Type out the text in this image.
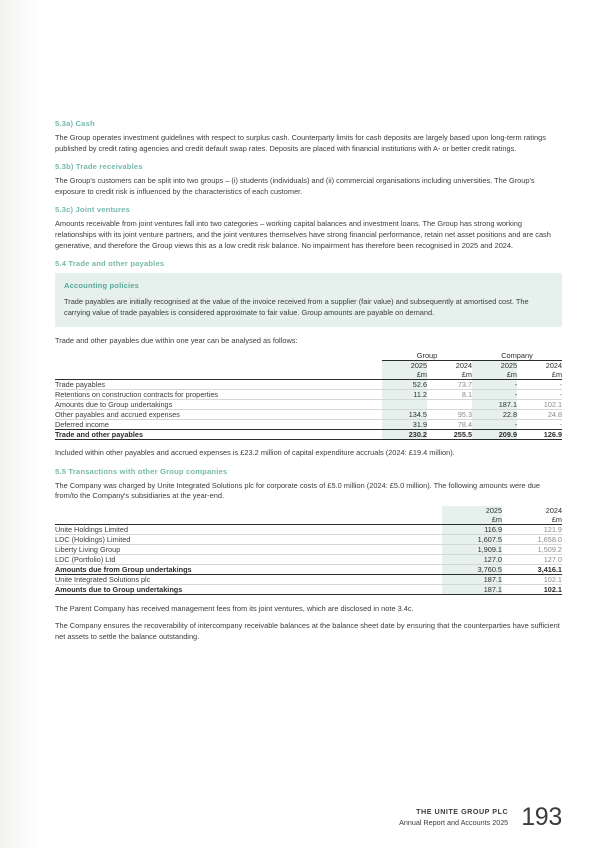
5.3a) Cash

The Group operates investment guidelines with respect to surplus cash. Counterparty limits for cash deposits are largely based upon long-term ratings published by credit rating agencies and credit default swap rates. Deposits are placed with financial institutions with A- or better credit ratings.

5.3b) Trade receivables

The Group's customers can be split into two groups – (i) students (individuals) and (ii) commercial organisations including universities. The Group's exposure to credit risk is influenced by the characteristics of each customer.

5.3c) Joint ventures

Amounts receivable from joint ventures fall into two categories – working capital balances and investment loans. The Group has strong working relationships with its joint venture partners, and the joint ventures themselves have strong financial performance, retain net asset positions and are cash generative, and therefore the Group views this as a low credit risk balance. No impairment has therefore been recognised in 2025 and 2024.

5.4 Trade and other payables
Accounting policies

Trade payables are initially recognised at the value of the invoice received from a supplier (fair value) and subsequently at amortised cost. The carrying value of trade payables is considered approximate to fair value. Group amounts are payable on demand.

Trade and other payables due within one year can be analysed as follows:

	Group		Company	
	2025	2024	2025	2024
	£m	£m	£m	£m
Trade payables	52.6	73.7	-	-
Retentions on construction contracts for properties	11.2	8.1	-	-
Amounts due to Group undertakings			187.1	102.1
Other payables and accrued expenses	134.5	95.3	22.8	24.8
Deferred income	31.9	78.4	-	-
Trade and other payables	230.2	255.5	209.9	126.9

Included within other payables and accrued expenses is £23.2 million of capital expenditure accruals (2024: £19.4 million).

5.5 Transactions with other Group companies

The Company was charged by Unite Integrated Solutions plc for corporate costs of £5.0 million (2024: £5.0 million). The following amounts were due from/to the Company's subsidiaries at the year-end.

	2025	2024
	£m	£m
Unite Holdings Limited	116.9	121.9
LDC (Holdings) Limited	1,607.5	1,658.0
Liberty Living Group	1,909.1	1,509.2
LDC (Portfolio) Ltd	127.0	127.0
Amounts due from Group undertakings	3,760.5	3,416.1
Unite Integrated Solutions plc	187.1	102.1
Amounts due to Group undertakings	187.1	102.1

The Parent Company has received management fees from its joint ventures, which are disclosed in note 3.4c.

The Company ensures the recoverability of intercompany receivable balances at the balance sheet date by ensuring that the counterparties have sufficient net assets to settle the balance outstanding.

THE UNITE GROUP PLC
Annual Report and Accounts 2025 193
